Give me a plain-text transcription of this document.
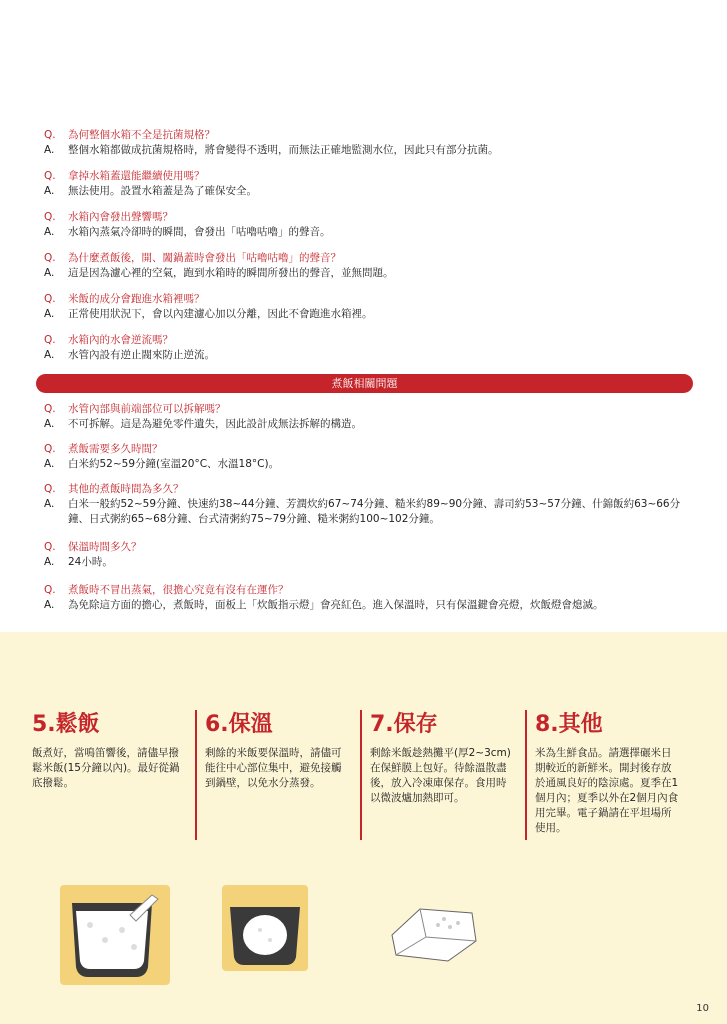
Q.	為何整個水箱不全是抗菌規格？
A.	整個水箱都做成抗菌規格時，將會變得不透明，而無法正確地監測水位，因此只有部分抗菌。
Q.	拿掉水箱蓋還能繼續使用嗎？
A.	無法使用。設置水箱蓋是為了確保安全。
Q.	水箱內會發出聲響嗎？
A.	水箱內蒸氣冷卻時的瞬間，會發出「咕嚕咕嚕」的聲音。
Q.	為什麼煮飯後，開、闔鍋蓋時會發出「咕嚕咕嚕」的聲音？
A.	這是因為濾心裡的空氣，跑到水箱時的瞬間所發出的聲音，並無問題。
Q.	米飯的成分會跑進水箱裡嗎？
A.	正常使用狀況下，會以內建濾心加以分離，因此不會跑進水箱裡。
Q.	水箱內的水會逆流嗎？
A.	水管內設有逆止閥來防止逆流。
煮飯相關問題
Q.	水管內部與前端部位可以拆解嗎？
A.	不可拆解。這是為避免零件遺失，因此設計成無法拆解的構造。
Q.	煮飯需要多久時間？
A.	白米約52~59分鐘(室溫20°C、水溫18°C)。
Q.	其他的煮飯時間為多久？
A.	白米一般約52~59分鐘、快速約38~44分鐘、芳潤炊約67~74分鐘、糙米約89~90分鐘、壽司約53~57分鐘、什錦飯約63~66分鐘、日式粥約65~68分鐘、台式清粥約75~79分鐘、糙米粥約100~102分鐘。
Q.	保溫時間多久？
A.	24小時。
Q.	煮飯時不冒出蒸氣，很擔心究竟有沒有在運作？
A.	為免除這方面的擔心，煮飯時，面板上「炊飯指示燈」會亮紅色。進入保溫時，只有保溫鍵會亮燈，炊飯燈會熄滅。
5.鬆飯
飯煮好，當鳴笛響後，請儘早撥鬆米飯(15分鐘以內)。最好從鍋底撥鬆。
6.保溫
剩餘的米飯要保溫時，請儘可能往中心部位集中，避免接觸到鍋壁，以免水分蒸發。
7.保存
剩餘米飯趁熱攤平(厚2~3cm)在保鮮膜上包好。待餘溫散盡後，放入冷凍庫保存。食用時以微波爐加熱即可。
8.其他
米為生鮮食品。請選擇碾米日期較近的新鮮米。開封後存放於通風良好的陰涼處。夏季在1個月內；夏季以外在2個月內食用完畢。電子鍋請在平坦場所使用。
10
